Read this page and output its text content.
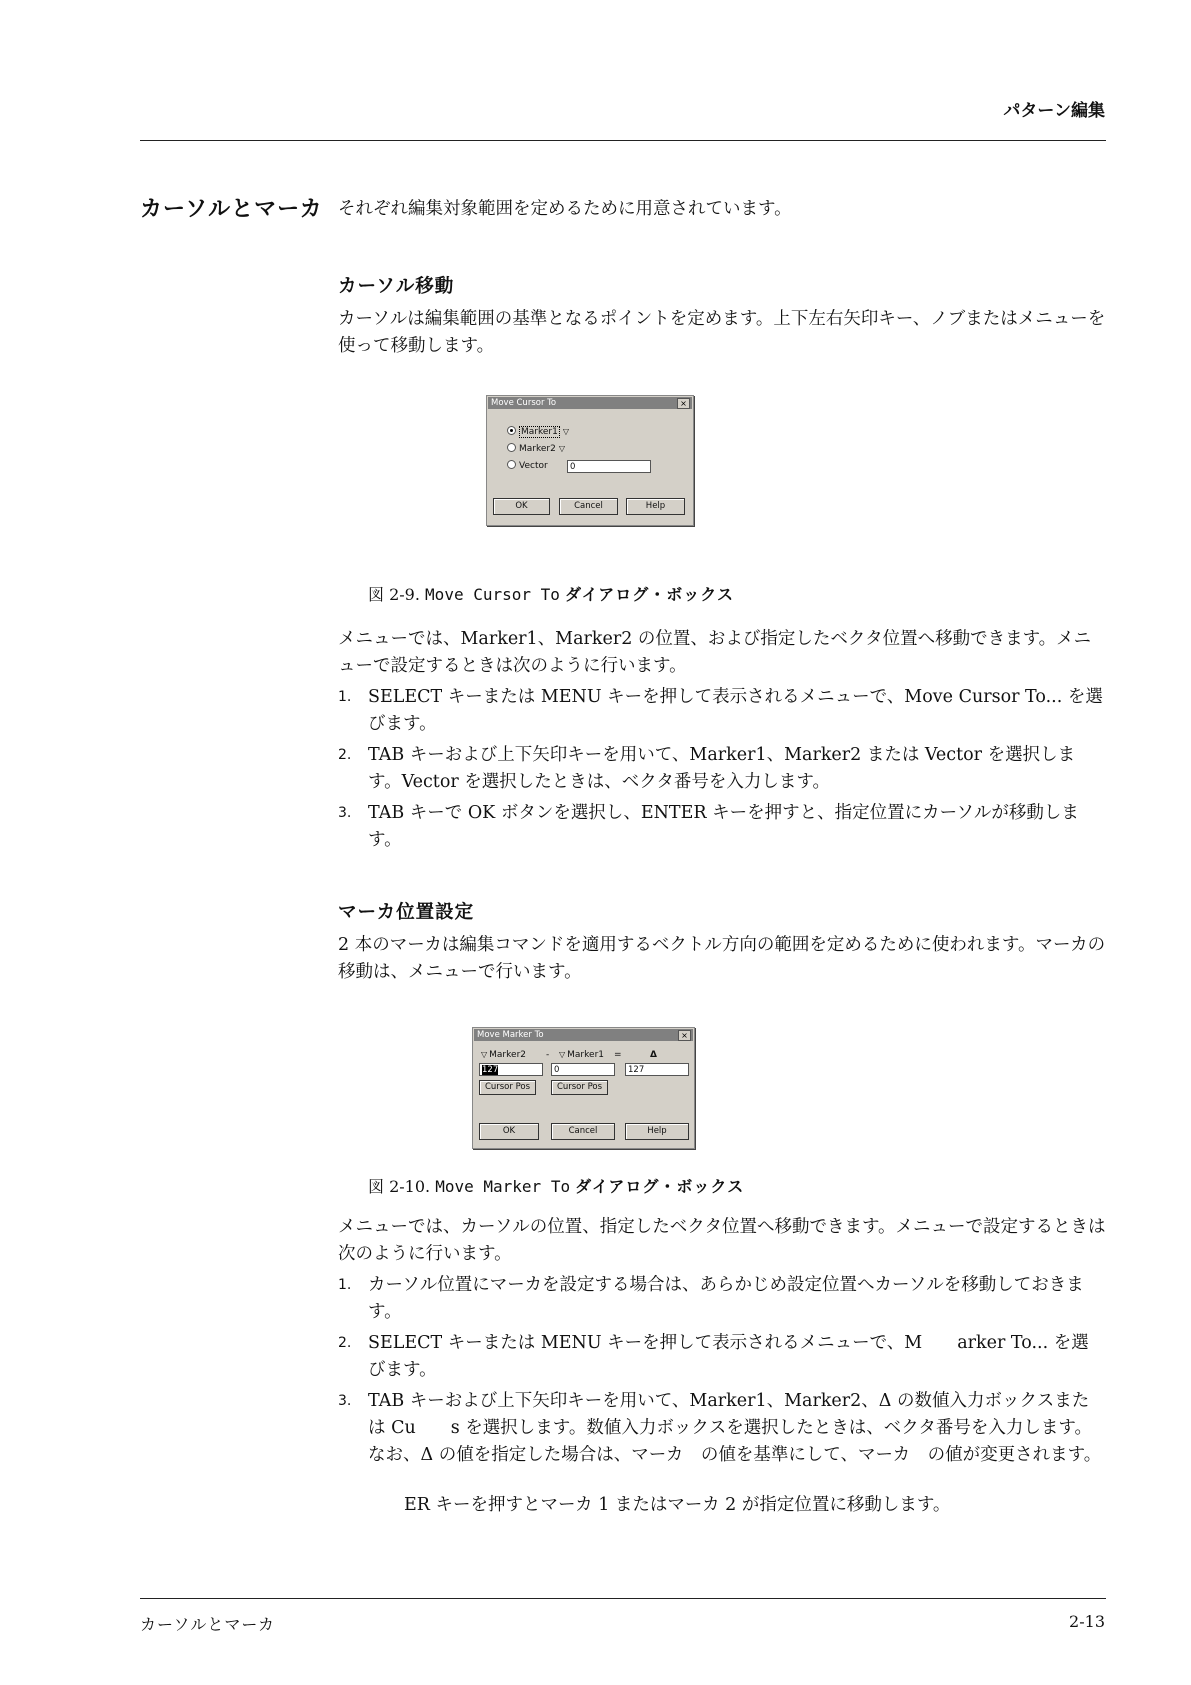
パターン編集
カーソルとマーカ それぞれ編集対象範囲を定めるために用意されています。
カーソル移動
カーソルは編集範囲の基準となるポイントを定めます。上下左右矢印キー、ノブまたはメニューを使って移動します。
Move Cursor To	×
Marker1 ▽
Marker2 ▽
Vector	0
OK	Cancel	Help
図 2-9. Move Cursor To ダイアログ・ボックス
メニューでは、Marker1、Marker2 の位置、および指定したベクタ位置へ移動できます。メニューで設定するときは次のように行います。
1. SELECT キーまたは MENU キーを押して表示されるメニューで、Move Cursor To... を選びます。
2. TAB キーおよび上下矢印キーを用いて、Marker1、Marker2 または Vector を選択します。Vector を選択したときは、ベクタ番号を入力します。
3. TAB キーで OK ボタンを選択し、ENTER キーを押すと、指定位置にカーソルが移動します。
マーカ位置設定
2 本のマーカは編集コマンドを適用するベクトル方向の範囲を定めるために使われます。マーカの移動は、メニューで行います。
Move Marker To	×
▽ Marker2 - ▽ Marker1 =	Δ
127	0	127
Cursor Pos	Cursor Pos
OK	Cancel	Help
図 2-10. Move Marker To ダイアログ・ボックス
メニューでは、カーソルの位置、指定したベクタ位置へ移動できます。メニューで設定するときは次のように行います。
1. カーソル位置にマーカを設定する場合は、あらかじめ設定位置へカーソルを移動しておきます。
2. SELECT キーまたは MENU キーを押して表示されるメニューで、M　　arker To... を選びます。
3. TAB キーおよび上下矢印キーを用いて、Marker1、Marker2、Δ の数値入力ボックスまたは Cu　　s を選択します。数値入力ボックスを選択したときは、ベクタ番号を入力します。なお、Δ の値を指定した場合は、マーカ　の値を基準にして、マーカ　の値が変更されます。
ER キーを押すとマーカ 1 またはマーカ 2 が指定位置に移動します。
カーソルとマーカ	2-13
